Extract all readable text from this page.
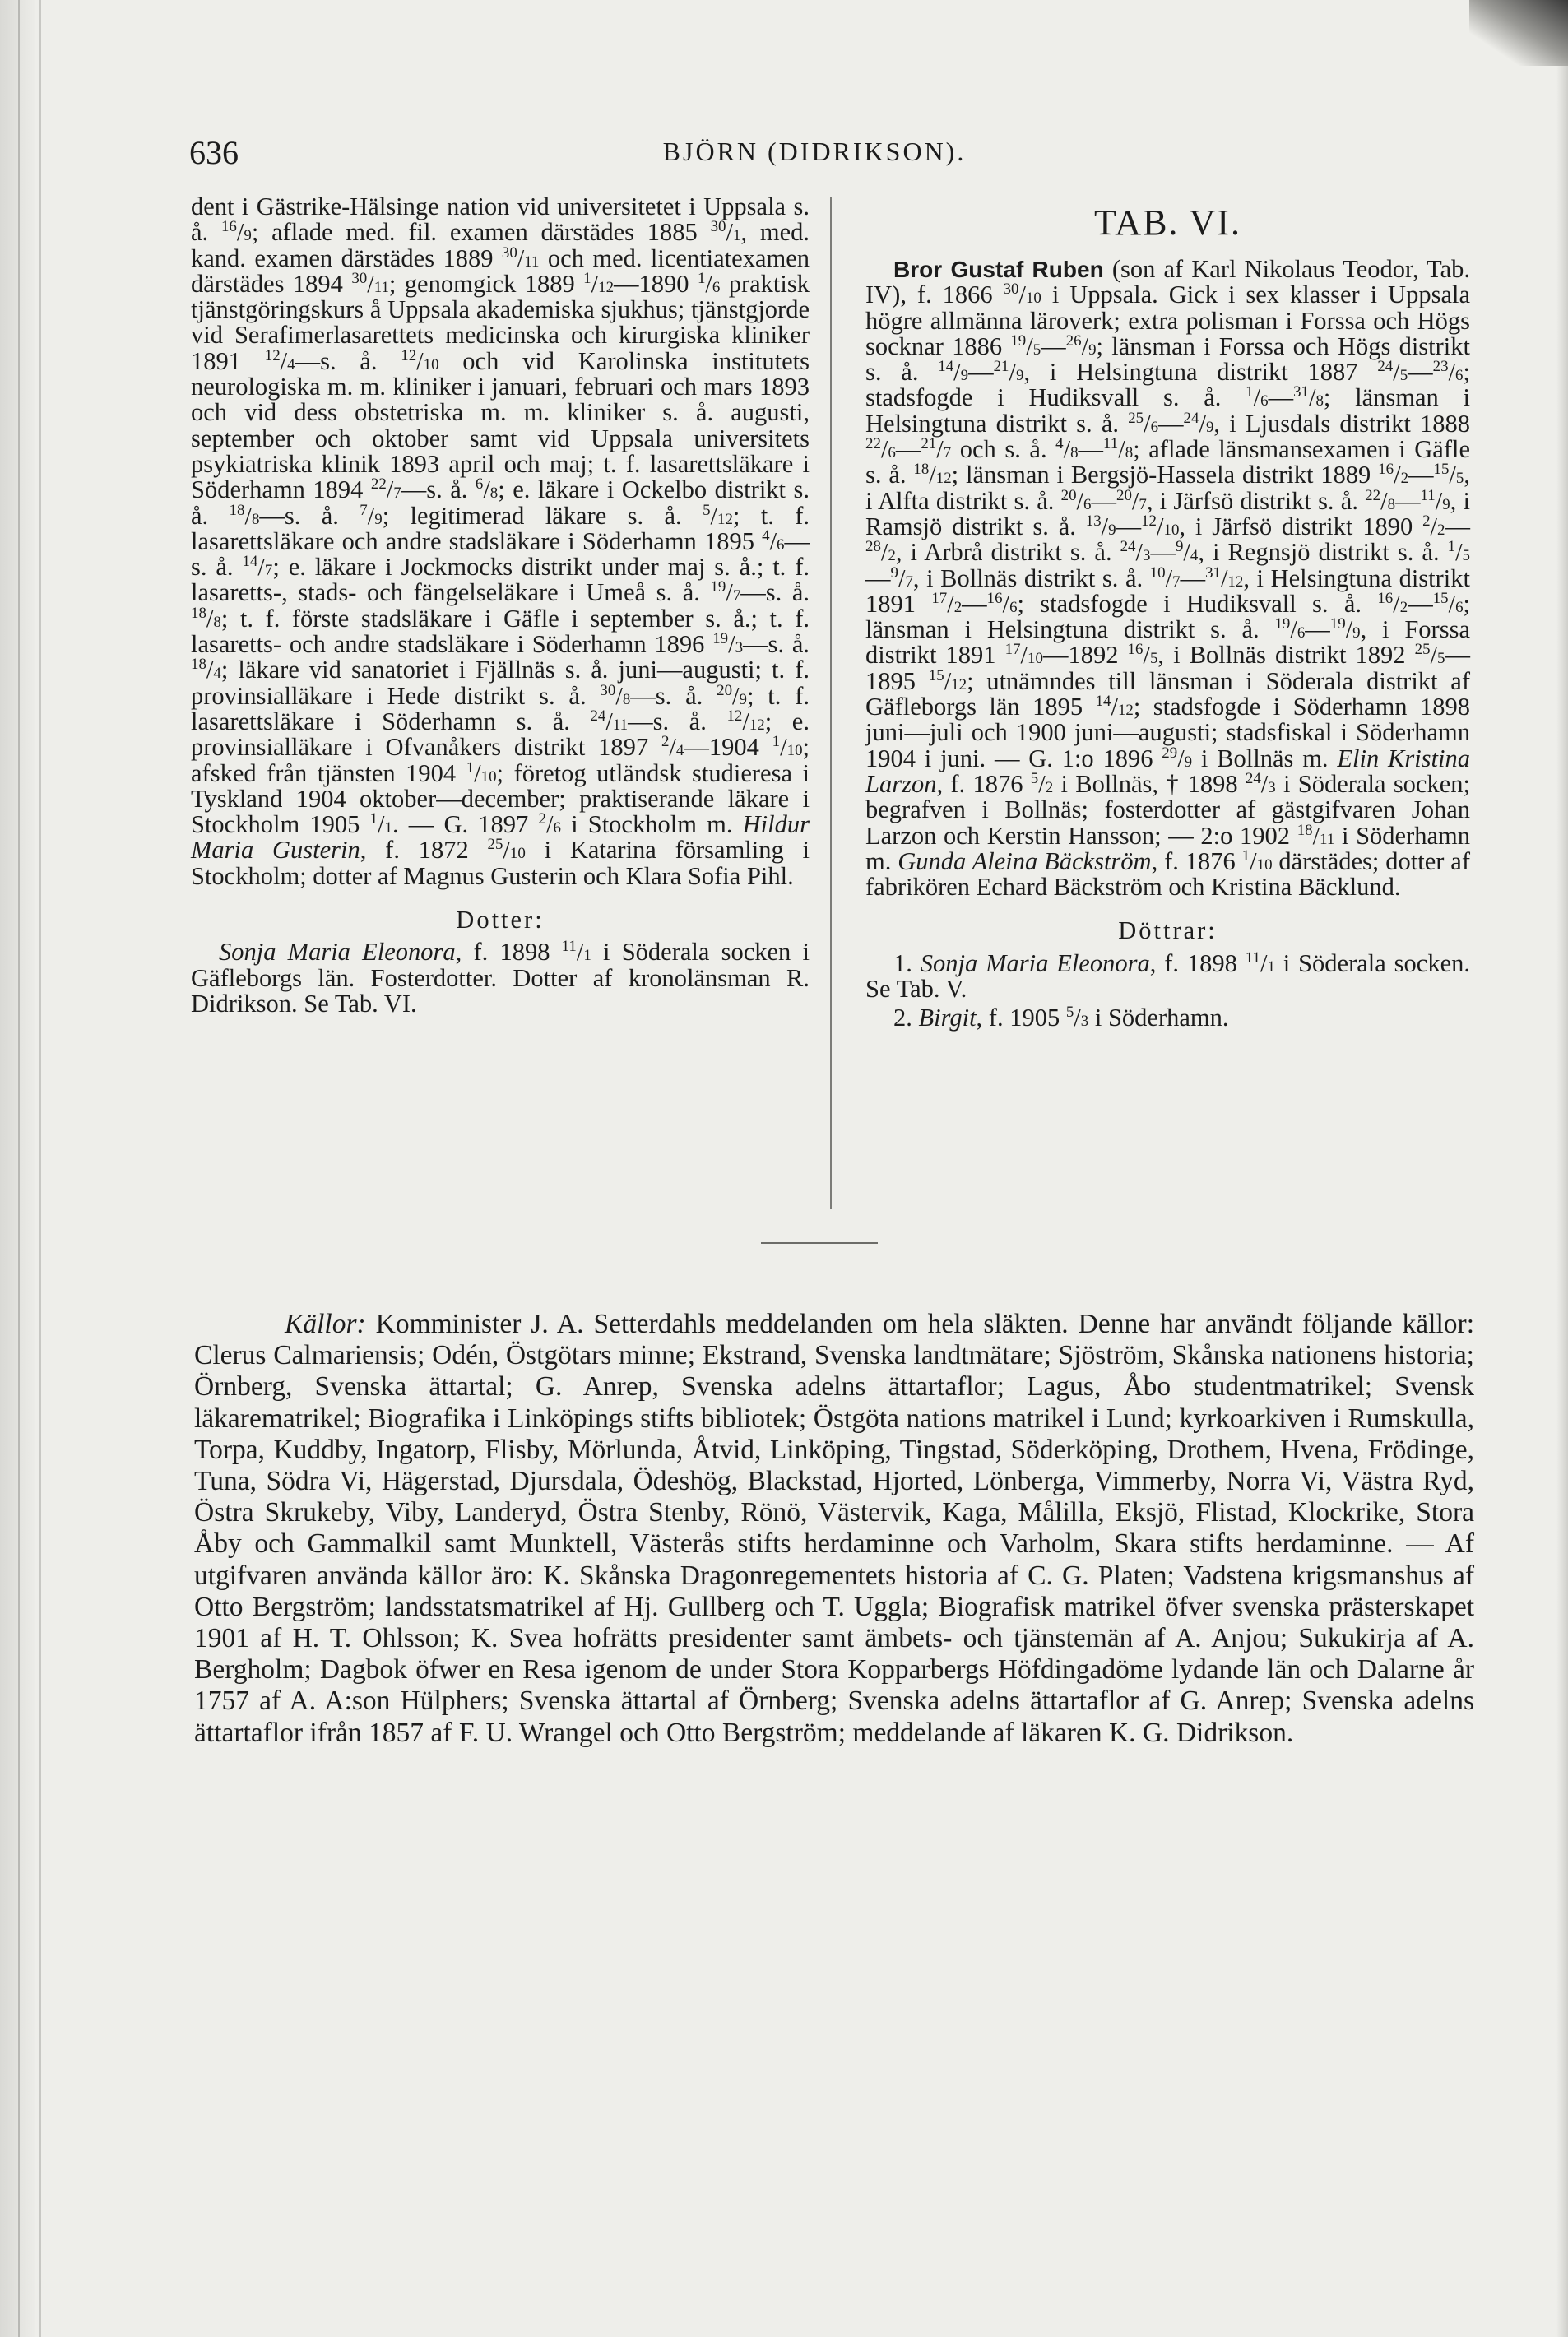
636	BJÖRN (DIDRIKSON).

dent i Gästrike-Hälsinge nation vid universitetet i Uppsala s. å. $^{16}$/9; aflade med. fil. examen därstädes 1885 $^{30}$/1, med. kand. examen därstädes 1889 $^{30}$/11 och med. licentiatexamen därstädes 1894 $^{30}$/11; genomgick 1889 $^1$/12—1890 $^1$/6 praktisk tjänstgöringskurs å Uppsala akademiska sjukhus; tjänstgjorde vid Serafimerlasarettets medicinska och kirurgiska kliniker 1891 $^{12}$/4—s. å. $^{12}$/10 och vid Karolinska institutets neurologiska m. m. kliniker i januari, februari och mars 1893 och vid dess obstetriska m. m. kliniker s. å. augusti, september och oktober samt vid Uppsala universitets psykiatriska klinik 1893 april och maj; t. f. lasarettsläkare i Söderhamn 1894 $^{22}$/7—s. å. $^6$/8; e. läkare i Ockelbo distrikt s. å. $^{18}$/8—s. å. $^7$/9; legitimerad läkare s. å. $^5$/12; t. f. lasarettsläkare och andre stadsläkare i Söderhamn 1895 $^4$/6—s. å. $^{14}$/7; e. läkare i Jockmocks distrikt under maj s. å.; t. f. lasaretts-, stads- och fängelseläkare i Umeå s. å. $^{19}$/7—s. å. $^{18}$/8; t. f. förste stadsläkare i Gäfle i september s. å.; t. f. lasaretts- och andre stadsläkare i Söderhamn 1896 $^{19}$/3—s. å. $^{18}$/4; läkare vid sanatoriet i Fjällnäs s. å. juni—augusti; t. f. provinsialläkare i Hede distrikt s. å. $^{30}$/8—s. å. $^{20}$/9; t. f. lasarettsläkare i Söderhamn s. å. $^{24}$/11—s. å. $^{12}$/12; e. provinsialläkare i Ofvanåkers distrikt 1897 $^2$/4—1904 $^1$/10; afsked från tjänsten 1904 $^1$/10; företog utländsk studieresa i Tyskland 1904 oktober—december; praktiserande läkare i Stockholm 1905 $^1$/1. — G. 1897 $^2$/6 i Stockholm m. Hildur Maria Gusterin, f. 1872 $^{25}$/10 i Katarina församling i Stockholm; dotter af Magnus Gusterin och Klara Sofia Pihl.

Dotter:

Sonja Maria Eleonora, f. 1898 $^{11}$/1 i Söderala socken i Gäfleborgs län. Fosterdotter. Dotter af kronolänsman R. Didrikson. Se Tab. VI.

TAB. VI.

Bror Gustaf Ruben (son af Karl Nikolaus Teodor, Tab. IV), f. 1866 $^{30}$/10 i Uppsala. Gick i sex klasser i Uppsala högre allmänna läroverk; extra polisman i Forssa och Högs socknar 1886 $^{19}$/5—$^{26}$/9; länsman i Forssa och Högs distrikt s. å. $^{14}$/9—$^{21}$/9, i Helsingtuna distrikt 1887 $^{24}$/5—$^{23}$/6; stadsfogde i Hudiksvall s. å. $^1$/6—$^{31}$/8; länsman i Helsingtuna distrikt s. å. $^{25}$/6—$^{24}$/9, i Ljusdals distrikt 1888 $^{22}$/6—$^{21}$/7 och s. å. $^4$/8—$^{11}$/8; aflade länsmansexamen i Gäfle s. å. $^{18}$/12; länsman i Bergsjö-Hassela distrikt 1889 $^{16}$/2—$^{15}$/5, i Alfta distrikt s. å. $^{20}$/6—$^{20}$/7, i Järfsö distrikt s. å. $^{22}$/8—$^{11}$/9, i Ramsjö distrikt s. å. $^{13}$/9—$^{12}$/10, i Järfsö distrikt 1890 $^2$/2—$^{28}$/2, i Arbrå distrikt s. å. $^{24}$/3—$^9$/4, i Regnsjö distrikt s. å. $^1$/5—$^9$/7, i Bollnäs distrikt s. å. $^{10}$/7—$^{31}$/12, i Helsingtuna distrikt 1891 $^{17}$/2—$^{16}$/6; stadsfogde i Hudiksvall s. å. $^{16}$/2—$^{15}$/6; länsman i Helsingtuna distrikt s. å. $^{19}$/6—$^{19}$/9, i Forssa distrikt 1891 $^{17}$/10—1892 $^{16}$/5, i Bollnäs distrikt 1892 $^{25}$/5—1895 $^{15}$/12; utnämndes till länsman i Söderala distrikt af Gäfleborgs län 1895 $^{14}$/12; stadsfogde i Söderhamn 1898 juni—juli och 1900 juni—augusti; stadsfiskal i Söderhamn 1904 i juni. — G. 1:o 1896 $^{29}$/9 i Bollnäs m. Elin Kristina Larzon, f. 1876 $^5$/2 i Bollnäs, † 1898 $^{24}$/3 i Söderala socken; begrafven i Bollnäs; fosterdotter af gästgifvaren Johan Larzon och Kerstin Hansson; — 2:o 1902 $^{18}$/11 i Söderhamn m. Gunda Aleina Bäckström, f. 1876 $^1$/10 därstädes; dotter af fabrikören Echard Bäckström och Kristina Bäcklund.

Döttrar:

1. Sonja Maria Eleonora, f. 1898 $^{11}$/1 i Söderala socken. Se Tab. V.

2. Birgit, f. 1905 $^5$/3 i Söderhamn.

Källor: Komminister J. A. Setterdahls meddelanden om hela släkten. Denne har användt följande källor: Clerus Calmariensis; Odén, Östgötars minne; Ekstrand, Svenska landtmätare; Sjöström, Skånska nationens historia; Örnberg, Svenska ättartal; G. Anrep, Svenska adelns ättartaflor; Lagus, Åbo studentmatrikel; Svensk läkarematrikel; Biografika i Linköpings stifts bibliotek; Östgöta nations matrikel i Lund; kyrkoarkiven i Rumskulla, Torpa, Kuddby, Ingatorp, Flisby, Mörlunda, Åtvid, Linköping, Tingstad, Söderköping, Drothem, Hvena, Frödinge, Tuna, Södra Vi, Hägerstad, Djursdala, Ödeshög, Blackstad, Hjorted, Lönberga, Vimmerby, Norra Vi, Västra Ryd, Östra Skrukeby, Viby, Landeryd, Östra Stenby, Rönö, Västervik, Kaga, Målilla, Eksjö, Flistad, Klockrike, Stora Åby och Gammalkil samt Munktell, Västerås stifts herdaminne och Varholm, Skara stifts herdaminne. — Af utgifvaren använda källor äro: K. Skånska Dragonregementets historia af C. G. Platen; Vadstena krigsmanshus af Otto Bergström; landsstatsmatrikel af Hj. Gullberg och T. Uggla; Biografisk matrikel öfver svenska prästerskapet 1901 af H. T. Ohlsson; K. Svea hofrätts presidenter samt ämbets- och tjänstemän af A. Anjou; Sukukirja af A. Bergholm; Dagbok öfwer en Resa igenom de under Stora Kopparbergs Höfdingadöme lydande län och Dalarne år 1757 af A. A:son Hülphers; Svenska ättartal af Örnberg; Svenska adelns ättartaflor af G. Anrep; Svenska adelns ättartaflor ifrån 1857 af F. U. Wrangel och Otto Bergström; meddelande af läkaren K. G. Didrikson.
